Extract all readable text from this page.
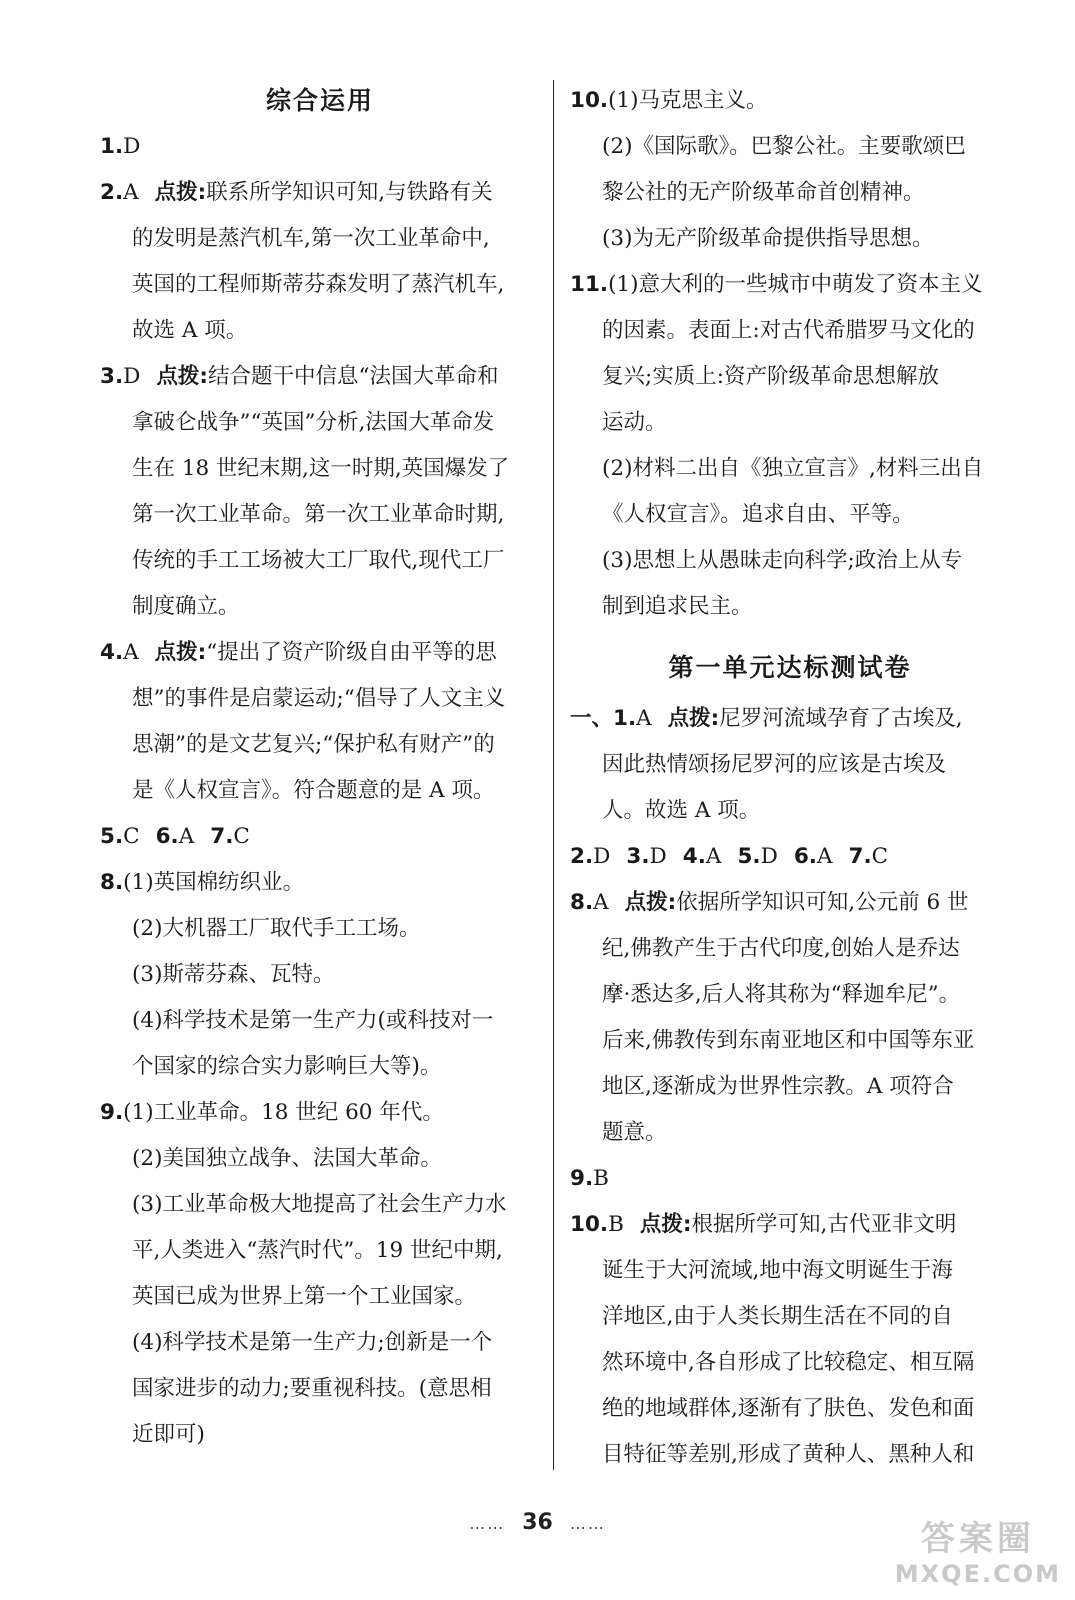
综合运用
1.D
2.A 点拨:联系所学知识可知,与铁路有关
的发明是蒸汽机车,第一次工业革命中,
英国的工程师斯蒂芬森发明了蒸汽机车,
故选 A 项。
3.D 点拨:结合题干中信息“法国大革命和
拿破仑战争”“英国”分析,法国大革命发
生在 18 世纪末期,这一时期,英国爆发了
第一次工业革命。第一次工业革命时期,
传统的手工工场被大工厂取代,现代工厂
制度确立。
4.A 点拨:“提出了资产阶级自由平等的思
想”的事件是启蒙运动;“倡导了人文主义
思潮”的是文艺复兴;“保护私有财产”的
是《人权宣言》。符合题意的是 A 项。
5.C 6.A 7.C
8.(1)英国棉纺织业。
(2)大机器工厂取代手工工场。
(3)斯蒂芬森、瓦特。
(4)科学技术是第一生产力(或科技对一
个国家的综合实力影响巨大等)。
9.(1)工业革命。18 世纪 60 年代。
(2)美国独立战争、法国大革命。
(3)工业革命极大地提高了社会生产力水
平,人类进入“蒸汽时代”。19 世纪中期,
英国已成为世界上第一个工业国家。
(4)科学技术是第一生产力;创新是一个
国家进步的动力;要重视科技。(意思相
近即可)
10.(1)马克思主义。
(2)《国际歌》。巴黎公社。主要歌颂巴
黎公社的无产阶级革命首创精神。
(3)为无产阶级革命提供指导思想。
11.(1)意大利的一些城市中萌发了资本主义
的因素。表面上:对古代希腊罗马文化的
复兴;实质上:资产阶级革命思想解放
运动。
(2)材料二出自《独立宣言》,材料三出自
《人权宣言》。追求自由、平等。
(3)思想上从愚昧走向科学;政治上从专
制到追求民主。
第一单元达标测试卷
一、1.A 点拨:尼罗河流域孕育了古埃及,
因此热情颂扬尼罗河的应该是古埃及
人。故选 A 项。
2.D 3.D 4.A 5.D 6.A 7.C
8.A 点拨:依据所学知识可知,公元前 6 世
纪,佛教产生于古代印度,创始人是乔达
摩·悉达多,后人将其称为“释迦牟尼”。
后来,佛教传到东南亚地区和中国等东亚
地区,逐渐成为世界性宗教。A 项符合
题意。
9.B
10.B 点拨:根据所学可知,古代亚非文明
诞生于大河流域,地中海文明诞生于海
洋地区,由于人类长期生活在不同的自
然环境中,各自形成了比较稳定、相互隔
绝的地域群体,逐渐有了肤色、发色和面
目特征等差别,形成了黄种人、黑种人和
…… 36 ……	答案圈
MXQE.COM
